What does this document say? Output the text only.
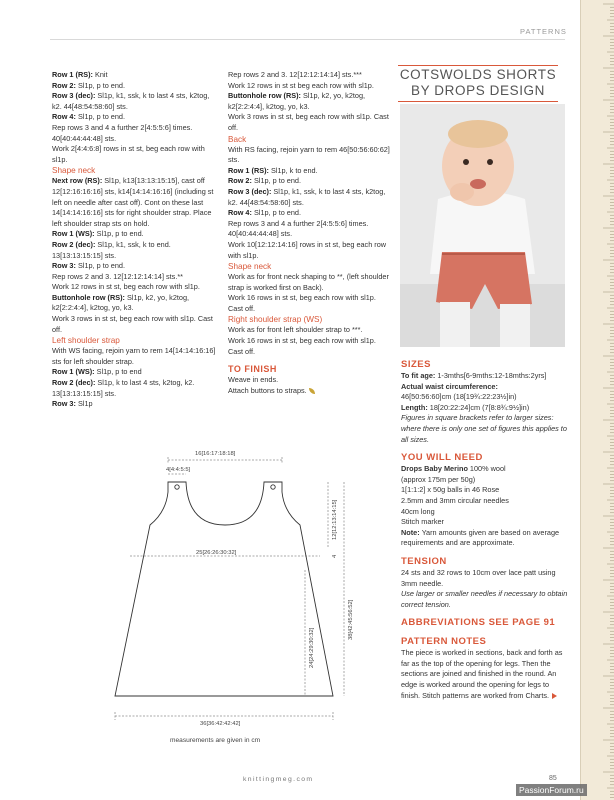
PATTERNS

Row 1 (RS): Knit

Row 2: Sl1p, p to end.

Row 3 (dec): Sl1p, k1, ssk, k to last 4 sts, k2tog, k2. 44[48:54:58:60] sts.

Row 4: Sl1p, p to end.

Rep rows 3 and 4 a further 2[4:5:5:6] times. 40[40:44:44:48] sts.

Work 2[4:4:6:8] rows in st st, beg each row with sl1p.

Shape neck

Next row (RS): Sl1p, k13[13:13:15:15], cast off 12[12:16:16:16] sts, k14[14:14:16:16] (including st left on needle after cast off). Cont on these last 14[14:14:16:16] sts for right shoulder strap. Place left shoulder strap sts on hold.

Row 1 (WS): Sl1p, p to end.

Row 2 (dec): Sl1p, k1, ssk, k to end. 13[13:13:15:15] sts.

Row 3: Sl1p, p to end.

Rep rows 2 and 3. 12[12:12:14:14] sts.**

Work 12 rows in st st, beg each row with sl1p.

Buttonhole row (RS): Sl1p, k2, yo, k2tog, k2[2:2:4:4], k2tog, yo, k3.

Work 3 rows in st st, beg each row with sl1p. Cast off.

Left shoulder strap

With WS facing, rejoin yarn to rem 14[14:14:16:16] sts for left shoulder strap.

Row 1 (WS): Sl1p, p to end

Row 2 (dec): Sl1p, k to last 4 sts, k2tog, k2. 13[13:13:15:15] sts.

Row 3: Sl1p

Rep rows 2 and 3. 12[12:12:14:14] sts.***

Work 12 rows in st st beg each row with sl1p.

Buttonhole row (RS): Sl1p, k2, yo, k2tog, k2[2:2:4:4], k2tog, yo, k3.

Work 3 rows in st st, beg each row with sl1p. Cast off.

Back

With RS facing, rejoin yarn to rem 46[50:56:60:62] sts.

Row 1 (RS): Sl1p, k to end.

Row 2: Sl1p, p to end.

Row 3 (dec): Sl1p, k1, ssk, k to last 4 sts, k2tog, k2. 44[48:54:58:60] sts.

Row 4: Sl1p, p to end.

Rep rows 3 and 4 a further 2[4:5:5:6] times. 40[40:44:44:48] sts.

Work 10[12:12:14:16] rows in st st, beg each row with sl1p.

Shape neck

Work as for front neck shaping to **, (left shoulder strap is worked first on Back).

Work 16 rows in st st, beg each row with sl1p.

Cast off.

Right shoulder strap (WS)

Work as for front left shoulder strap to ***.

Work 16 rows in st st, beg each row with sl1p.

Cast off.

TO FINISH

Weave in ends.

Attach buttons to straps.

COTSWOLDS SHORTS
BY DROPS DESIGN

SIZES

To fit age: 1-3mths[6-9mths:12-18mths:2yrs]

Actual waist circumference:

46[50:56:60]cm (18[19¾:22:23½]in)

Length: 18[20:22:24]cm (7[8:8¾:9½]in)

Figures in square brackets refer to larger sizes: where there is only one set of figures this applies to all sizes.

YOU WILL NEED

Drops Baby Merino 100% wool

(approx 175m per 50g)

1[1:1:2] x 50g balls in 46 Rose

2.5mm and 3mm circular needles

40cm long

Stitch marker

Note: Yarn amounts given are based on average requirements and are approximate.

TENSION

24 sts and 32 rows to 10cm over lace patt using 3mm needle.

Use larger or smaller needles if necessary to obtain correct tension.

ABBREVIATIONS SEE PAGE 91

PATTERN NOTES

The piece is worked in sections, back and forth as far as the top of the opening for legs. Then the sections are joined and finished in the round. An edge is worked around the opening for legs to finish. Stitch patterns are worked from Charts.

16[16:17:18:18]
4[4:4:5:5]
25[26:26:30:32]
36[36:42:42:42]
12[12:13:14:15]
4
38[42:45:56:52]
24[24:29:30:32]
measurements are given in cm
knittingmeg.com	85
PassionForum.ru
